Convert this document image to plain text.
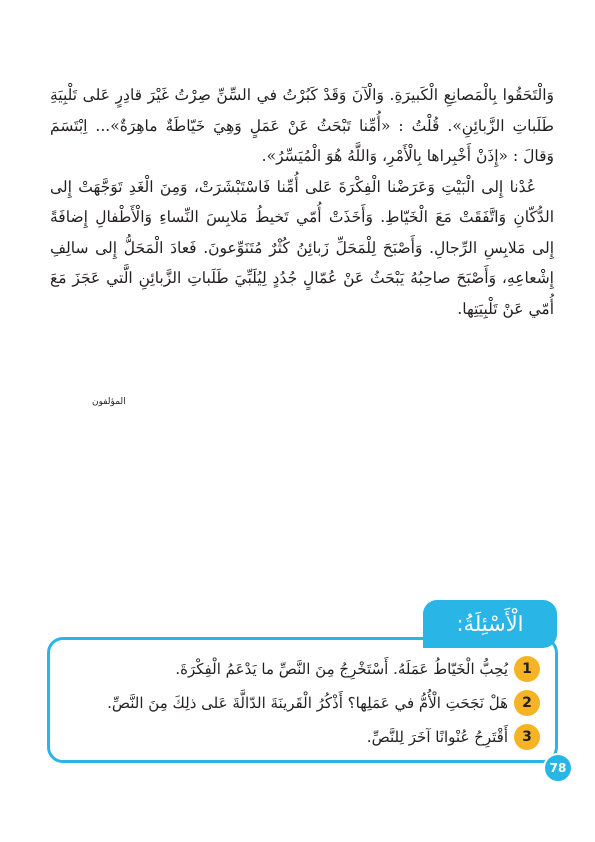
وَالْتَحَقُوا بِالْمَصانِعِ الْكَبيرَةِ. وَالْآنَ وَقَدْ كَبُرْتُ في السِّنِّ صِرْتُ غَيْرَ قادِرٍ عَلى تَلْبِيَةِ طَلَباتِ الزَّبائِنِ». قُلْتُ : «أُمِّنا تَبْحَثُ عَنْ عَمَلٍ وَهِيَ خَيّاطَةٌ ماهِرَةٌ»... اِبْتَسَمَ وَقالَ : «إِذَنْ أَخْبِراها بِالْأَمْرِ، وَاللَّهُ هُوَ الْمُيَسِّرُ».

عُدْنا إِلى الْبَيْتِ وَعَرَضْنا الْفِكْرَةَ عَلى أُمِّنا فَاسْتَبْشَرَتْ، وَمِنَ الْغَدِ تَوَجَّهَتْ إِلى الدُّكّانِ وَاتَّفَقَتْ مَعَ الْخَيّاطِ. وَأَخَذَتْ أُمّي تَخيطُ مَلابِسَ النِّساءِ وَالْأَطْفالِ إِضافَةً إِلى مَلابِسِ الرِّجالِ. وَأَصْبَحَ لِلْمَحَلِّ زَبائِنُ كُثْرٌ مُتَنَوِّعونَ. فَعادَ الْمَحَلُّ إِلى سالِفِ إِشْعاعِهِ، وَأَصْبَحَ صاحِبُهُ يَبْحَثُ عَنْ عُمّالٍ جُدُدٍ لِيُلَبِّيَ طَلَباتِ الزَّبائِنِ الَّتي عَجَزَ مَعَ أُمّي عَنْ تَلْبِيَتِها.

المؤلفون
الْأَسْئِلَةُ:
1
يُحِبُّ الْخَيّاطُ عَمَلَهُ. أَسْتَخْرِجُ مِنَ النَّصِّ ما يَدْعَمُ الْفِكْرَةَ.
2
هَلْ نَجَحَتِ الْأُمُّ في عَمَلِها؟ أَذْكُرُ الْقَرينَةَ الدّالَّةَ عَلى ذلِكَ مِنَ النَّصِّ.
3
أَقْتَرِحُ عُنْوانًا آخَرَ لِلنَّصِّ.
78
